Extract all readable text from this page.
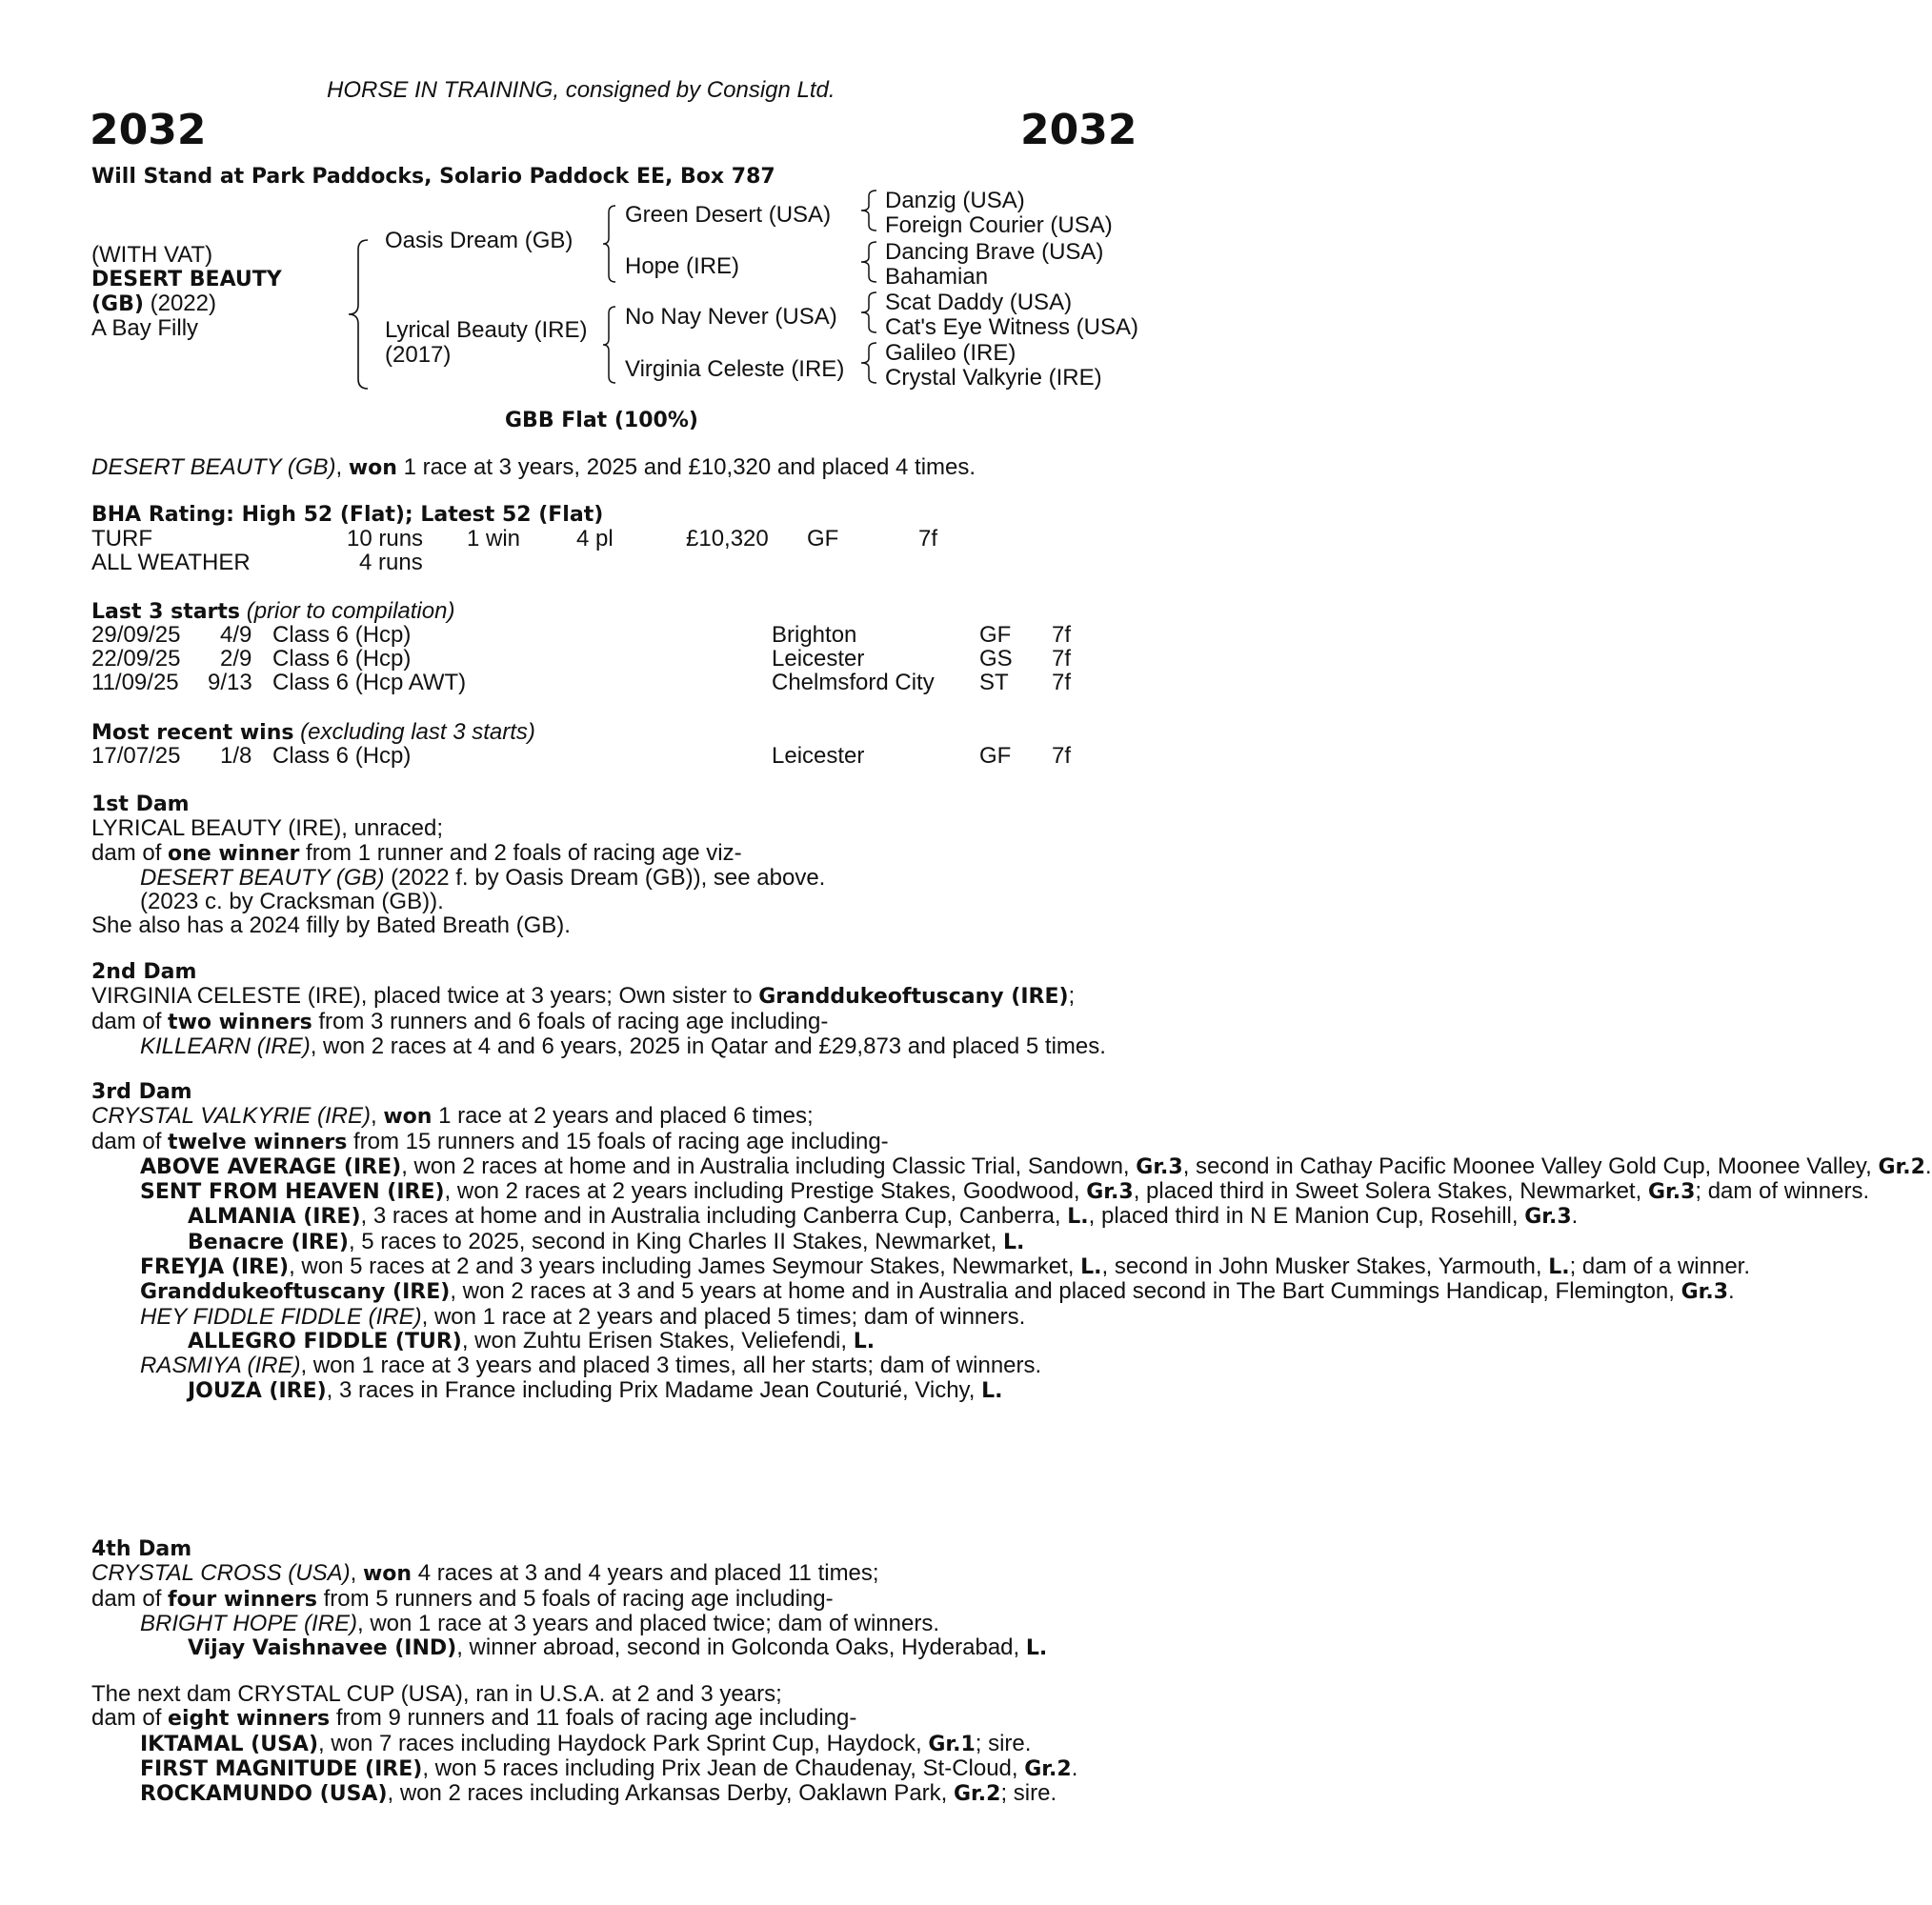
HORSE IN TRAINING, consigned by Consign Ltd.
2032	2032
Will Stand at Park Paddocks, Solario Paddock EE, Box 787
(WITH VAT)
DESERT BEAUTY
(GB) (2022)
A Bay Filly
Oasis Dream (GB)
Lyrical Beauty (IRE)
(2017)
Green Desert (USA)
Hope (IRE)
No Nay Never (USA)
Virginia Celeste (IRE)
Danzig (USA)
Foreign Courier (USA)
Dancing Brave (USA)
Bahamian
Scat Daddy (USA)
Cat's Eye Witness (USA)
Galileo (IRE)
Crystal Valkyrie (IRE)
GBB Flat (100%)
DESERT BEAUTY (GB), won 1 race at 3 years, 2025 and £10,320 and placed 4 times.
BHA Rating: High 52 (Flat); Latest 52 (Flat)
TURF	10 runs 1 win 4 pl	£10,320 GF	7f
ALL WEATHER	4 runs
Last 3 starts (prior to compilation)
29/09/25 4/9 Class 6 (Hcp)	Brighton	GF 7f
22/09/25 2/9 Class 6 (Hcp)	Leicester	GS 7f
11/09/25 9/13 Class 6 (Hcp AWT)	Chelmsford City ST 7f
Most recent wins (excluding last 3 starts)
17/07/25 1/8 Class 6 (Hcp)	Leicester	GF 7f

1st Dam

LYRICAL BEAUTY (IRE), unraced;

dam of one winner from 1 runner and 2 foals of racing age viz-

DESERT BEAUTY (GB) (2022 f. by Oasis Dream (GB)), see above.

(2023 c. by Cracksman (GB)).

She also has a 2024 filly by Bated Breath (GB).

2nd Dam

VIRGINIA CELESTE (IRE), placed twice at 3 years; Own sister to Granddukeoftuscany (IRE);

dam of two winners from 3 runners and 6 foals of racing age including-

KILLEARN (IRE), won 2 races at 4 and 6 years, 2025 in Qatar and £29,873 and placed 5 times.

3rd Dam

CRYSTAL VALKYRIE (IRE), won 1 race at 2 years and placed 6 times;

dam of twelve winners from 15 runners and 15 foals of racing age including-

ABOVE AVERAGE (IRE), won 2 races at home and in Australia including Classic Trial, Sandown, Gr.3, second in Cathay Pacific Moonee Valley Gold Cup, Moonee Valley, Gr.2.

SENT FROM HEAVEN (IRE), won 2 races at 2 years including Prestige Stakes, Goodwood, Gr.3, placed third in Sweet Solera Stakes, Newmarket, Gr.3; dam of winners.

ALMANIA (IRE), 3 races at home and in Australia including Canberra Cup, Canberra, L., placed third in N E Manion Cup, Rosehill, Gr.3.

Benacre (IRE), 5 races to 2025, second in King Charles II Stakes, Newmarket, L.

FREYJA (IRE), won 5 races at 2 and 3 years including James Seymour Stakes, Newmarket, L., second in John Musker Stakes, Yarmouth, L.; dam of a winner.

Granddukeoftuscany (IRE), won 2 races at 3 and 5 years at home and in Australia and placed second in The Bart Cummings Handicap, Flemington, Gr.3.

HEY FIDDLE FIDDLE (IRE), won 1 race at 2 years and placed 5 times; dam of winners.

ALLEGRO FIDDLE (TUR), won Zuhtu Erisen Stakes, Veliefendi, L.

RASMIYA (IRE), won 1 race at 3 years and placed 3 times, all her starts; dam of winners.

JOUZA (IRE), 3 races in France including Prix Madame Jean Couturié, Vichy, L.

4th Dam

CRYSTAL CROSS (USA), won 4 races at 3 and 4 years and placed 11 times;

dam of four winners from 5 runners and 5 foals of racing age including-

BRIGHT HOPE (IRE), won 1 race at 3 years and placed twice; dam of winners.

Vijay Vaishnavee (IND), winner abroad, second in Golconda Oaks, Hyderabad, L.

The next dam CRYSTAL CUP (USA), ran in U.S.A. at 2 and 3 years;

dam of eight winners from 9 runners and 11 foals of racing age including-

IKTAMAL (USA), won 7 races including Haydock Park Sprint Cup, Haydock, Gr.1; sire.

FIRST MAGNITUDE (IRE), won 5 races including Prix Jean de Chaudenay, St-Cloud, Gr.2.

ROCKAMUNDO (USA), won 2 races including Arkansas Derby, Oaklawn Park, Gr.2; sire.
